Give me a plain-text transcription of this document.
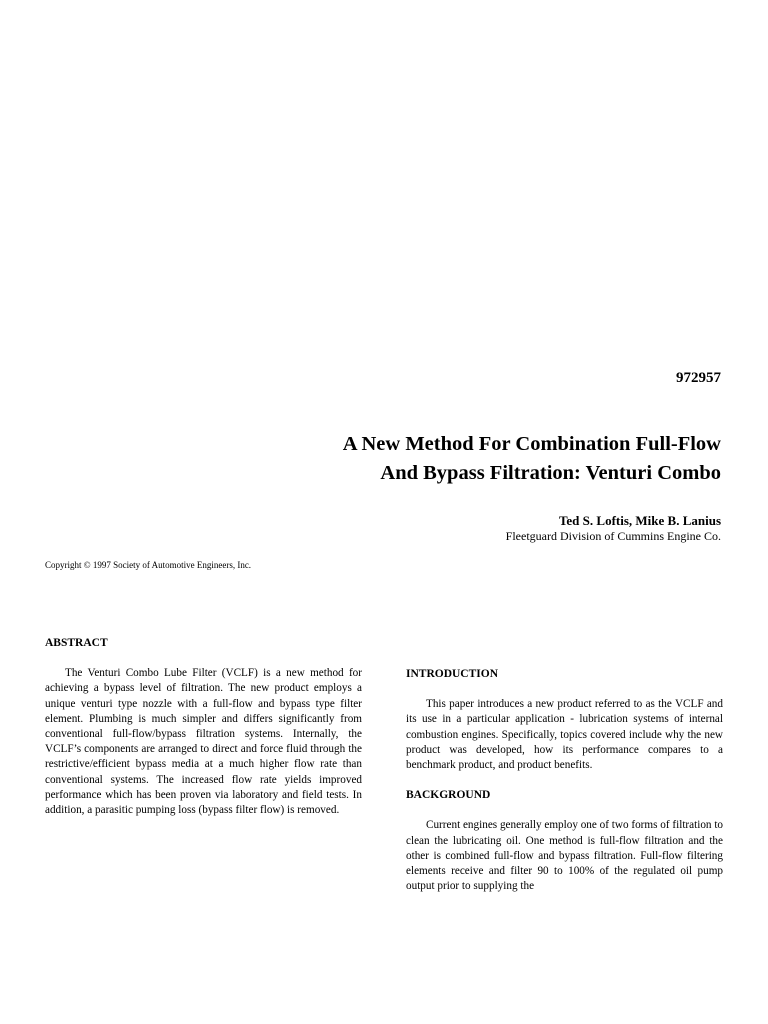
972957
A New Method For Combination Full-Flow
And Bypass Filtration: Venturi Combo
Ted S. Loftis, Mike B. Lanius
Fleetguard Division of Cummins Engine Co.
Copyright © 1997 Society of Automotive Engineers, Inc.

ABSTRACT

The Venturi Combo Lube Filter (VCLF) is a new method for achieving a bypass level of filtration. The new product employs a unique venturi type nozzle with a full-flow and bypass type filter element. Plumbing is much simpler and differs significantly from conventional full-flow/bypass filtration systems. Internally, the VCLF’s components are arranged to direct and force fluid through the restrictive/efficient bypass media at a much higher flow rate than conventional systems. The increased flow rate yields improved performance which has been proven via laboratory and field tests. In addition, a parasitic pumping loss (bypass filter flow) is removed.

INTRODUCTION

This paper introduces a new product referred to as the VCLF and its use in a particular application - lubrication systems of internal combustion engines. Specifically, topics covered include why the new product was developed, how its performance compares to a benchmark product, and product benefits.

BACKGROUND

Current engines generally employ one of two forms of filtration to clean the lubricating oil. One method is full-flow filtration and the other is combined full-flow and bypass filtration. Full-flow filtering elements receive and filter 90 to 100% of the regulated oil pump output prior to supplying the
